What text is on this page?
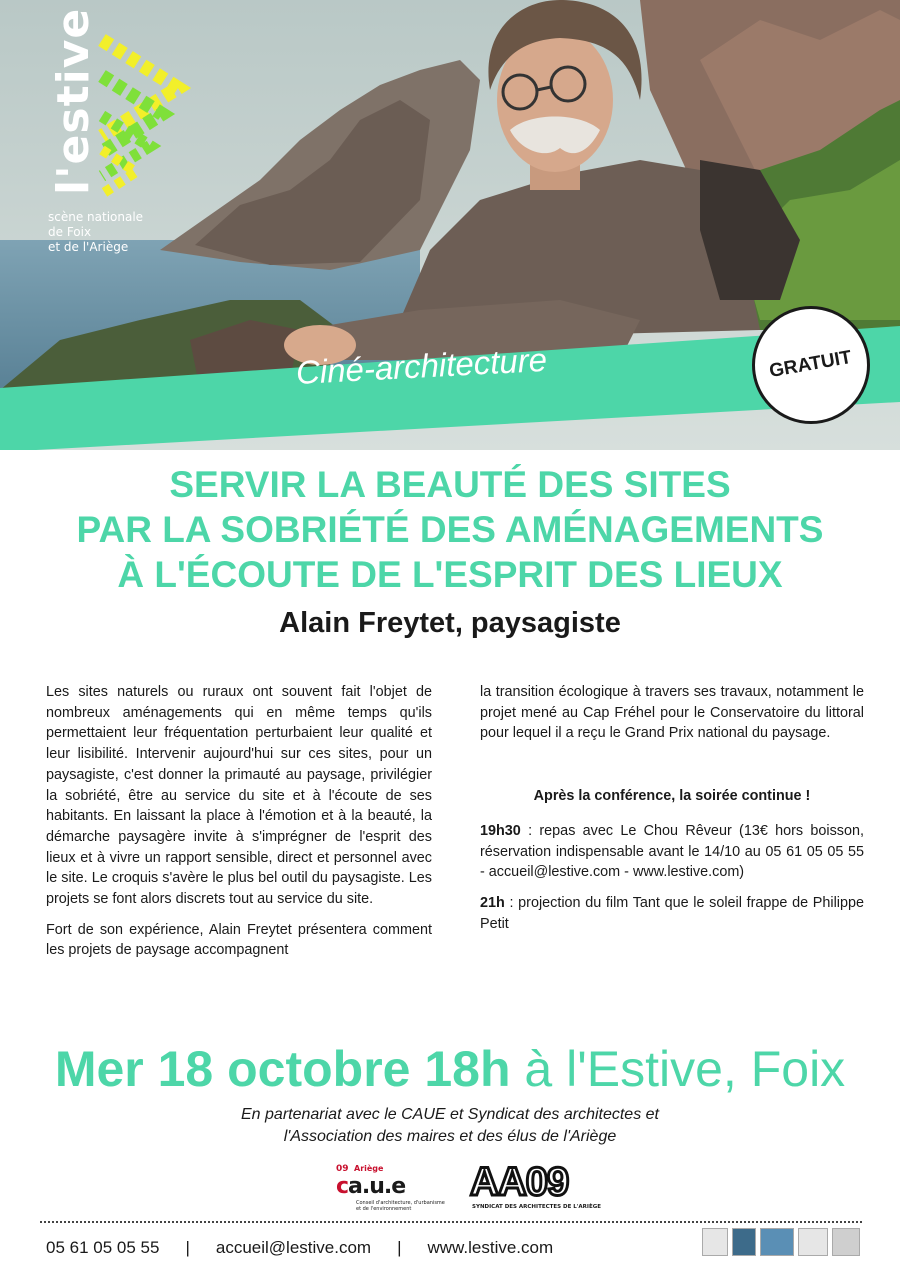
l'estive
scène nationale
de Foix
et de l'Ariège
Ciné-architecture	GRATUIT
SERVIR LA BEAUTÉ DES SITES
PAR LA SOBRIÉTÉ DES AMÉNAGEMENTS
À L'ÉCOUTE DE L'ESPRIT DES LIEUX
Alain Freytet, paysagiste

Les sites naturels ou ruraux ont souvent fait l'objet de nombreux aménagements qui en même temps qu'ils permettaient leur fréquentation perturbaient leur qualité et leur lisibilité. Intervenir aujourd'hui sur ces sites, pour un paysagiste, c'est donner la primauté au paysage, privilégier la sobriété, être au service du site et à l'écoute de ses habitants. En laissant la place à l'émotion et à la beauté, la démarche paysagère invite à s'imprégner de l'esprit des lieux et à vivre un rapport sensible, direct et personnel avec le site. Le croquis s'avère le plus bel outil du paysagiste. Les projets se font alors discrets tout au service du site.

Fort de son expérience, Alain Freytet présentera comment les projets de paysage accompagnent

la transition écologique à travers ses travaux, notamment le projet mené au Cap Fréhel pour le Conservatoire du littoral pour lequel il a reçu le Grand Prix national du paysage.

Après la conférence, la soirée continue !

19h30 : repas avec Le Chou Rêveur (13€ hors boisson, réservation indispensable avant le 14/10 au 05 61 05 05 55 - accueil@lestive.com - www.lestive.com)

21h : projection du film Tant que le soleil frappe de Philippe Petit

Mer 18 octobre 18h à l'Estive, Foix
En partenariat avec le CAUE et Syndicat des architectes et
l'Association des maires et des élus de l'Ariège
09 Ariège
ca.u.e
Conseil d'architecture, d'urbanisme et de l'environnement
AA09
SYNDICAT DES ARCHITECTES DE L'ARIÈGE
05 61 05 05 55 | accueil@lestive.com | www.lestive.com
